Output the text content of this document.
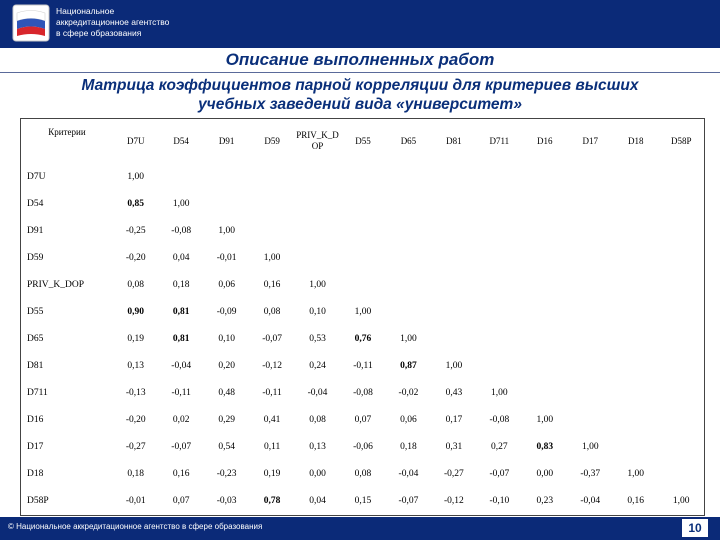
Национальное
аккредитационное агентство
в сфере образования
Описание выполненных работ
Матрица коэффициентов парной корреляции для критериев высших
учебных заведений вида «университет»
Критерии	D7U	D54	D91	D59	PRIV_K_DOP	D55	D65	D81	D711	D16	D17	D18	D58P
D7U	1,00												
D54	0,85	1,00											
D91	-0,25	-0,08	1,00										
D59	-0,20	0,04	-0,01	1,00									
PRIV_K_DOP	0,08	0,18	0,06	0,16	1,00								
D55	0,90	0,81	-0,09	0,08	0,10	1,00							
D65	0,19	0,81	0,10	-0,07	0,53	0,76	1,00						
D81	0,13	-0,04	0,20	-0,12	0,24	-0,11	0,87	1,00					
D711	-0,13	-0,11	0,48	-0,11	-0,04	-0,08	-0,02	0,43	1,00				
D16	-0,20	0,02	0,29	0,41	0,08	0,07	0,06	0,17	-0,08	1,00			
D17	-0,27	-0,07	0,54	0,11	0,13	-0,06	0,18	0,31	0,27	0,83	1,00		
D18	0,18	0,16	-0,23	0,19	0,00	0,08	-0,04	-0,27	-0,07	0,00	-0,37	1,00	
D58P	-0,01	0,07	-0,03	0,78	0,04	0,15	-0,07	-0,12	-0,10	0,23	-0,04	0,16	1,00
© Национальное аккредитационное агентство в сфере образования	10
